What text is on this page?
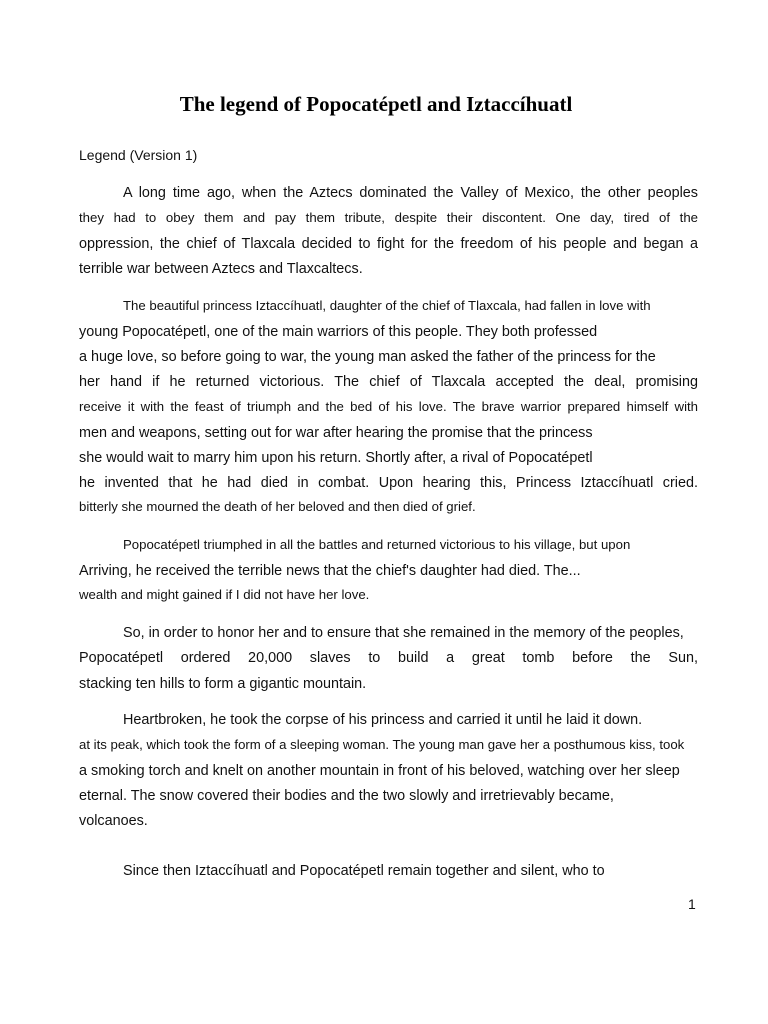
The legend of Popocatépetl and Iztaccíhuatl
Legend (Version 1)
A long time ago, when the Aztecs dominated the Valley of Mexico, the other peoples
they had to obey them and pay them tribute, despite their discontent. One day, tired of the
oppression, the chief of Tlaxcala decided to fight for the freedom of his people and began a
terrible war between Aztecs and Tlaxcaltecs.
The beautiful princess Iztaccíhuatl, daughter of the chief of Tlaxcala, had fallen in love with
young Popocatépetl, one of the main warriors of this people. They both professed
a huge love, so before going to war, the young man asked the father of the princess for the
her hand if he returned victorious. The chief of Tlaxcala accepted the deal, promising
receive it with the feast of triumph and the bed of his love. The brave warrior prepared himself with
men and weapons, setting out for war after hearing the promise that the princess
she would wait to marry him upon his return. Shortly after, a rival of Popocatépetl
he invented that he had died in combat. Upon hearing this, Princess Iztaccíhuatl cried.
bitterly she mourned the death of her beloved and then died of grief.
Popocatépetl triumphed in all the battles and returned victorious to his village, but upon
Arriving, he received the terrible news that the chief's daughter had died. The...
wealth and might gained if I did not have her love.
So, in order to honor her and to ensure that she remained in the memory of the peoples,
Popocatépetl ordered 20,000 slaves to build a great tomb before the Sun,
stacking ten hills to form a gigantic mountain.
Heartbroken, he took the corpse of his princess and carried it until he laid it down.
at its peak, which took the form of a sleeping woman. The young man gave her a posthumous kiss, took
a smoking torch and knelt on another mountain in front of his beloved, watching over her sleep
eternal. The snow covered their bodies and the two slowly and irretrievably became,
volcanoes.
Since then Iztaccíhuatl and Popocatépetl remain together and silent, who to
1
